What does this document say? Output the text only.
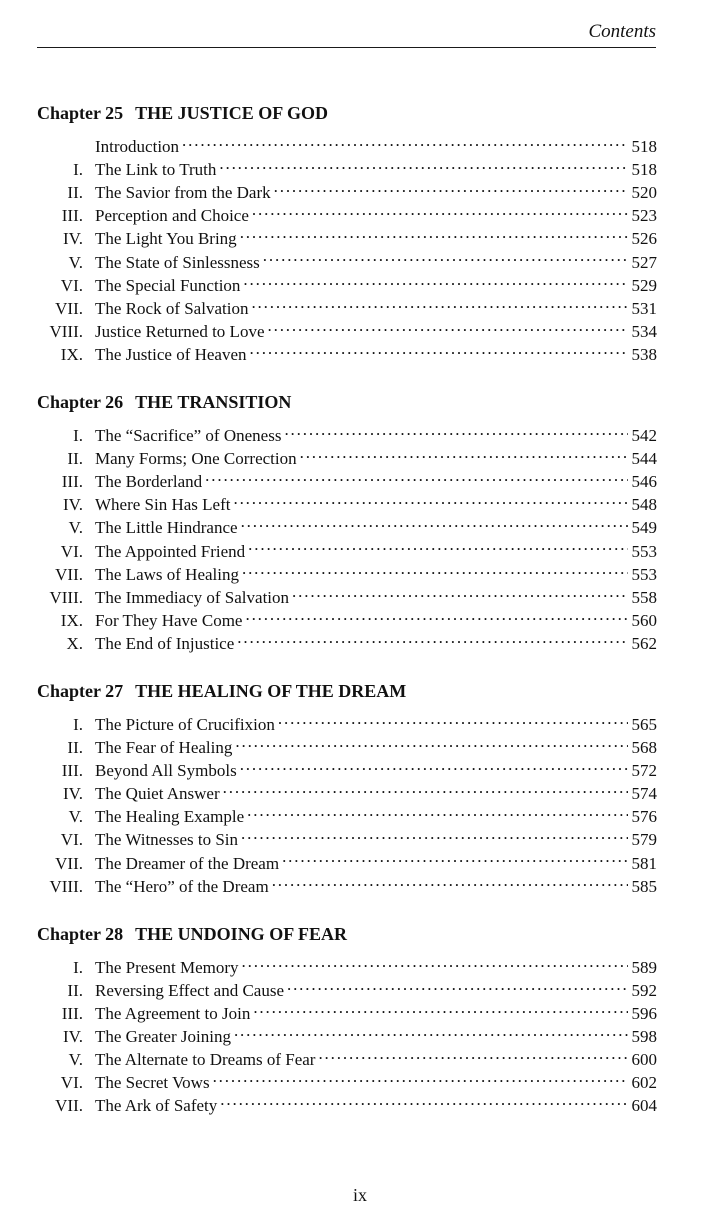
Contents
Chapter 25 THE JUSTICE OF GOD
Introduction . . .	518
I. The Link to Truth . . .	518
II. The Savior from the Dark . . .	520
III. Perception and Choice . . .	523
IV. The Light You Bring . . .	526
V. The State of Sinlessness . . .	527
VI. The Special Function . . .	529
VII. The Rock of Salvation . . .	531
VIII. Justice Returned to Love . . .	534
IX. The Justice of Heaven . . .	538
Chapter 26 THE TRANSITION
I. The “Sacrifice” of Oneness . . .	542
II. Many Forms; One Correction . . .	544
III. The Borderland . . .	546
IV. Where Sin Has Left . . .	548
V. The Little Hindrance . . .	549
VI. The Appointed Friend . . .	553
VII. The Laws of Healing . . .	553
VIII. The Immediacy of Salvation . . .	558
IX. For They Have Come . . .	560
X. The End of Injustice . . .	562
Chapter 27 THE HEALING OF THE DREAM
I. The Picture of Crucifixion . . .	565
II. The Fear of Healing . . .	568
III. Beyond All Symbols . . .	572
IV. The Quiet Answer . . .	574
V. The Healing Example . . .	576
VI. The Witnesses to Sin . . .	579
VII. The Dreamer of the Dream . . .	581
VIII. The “Hero” of the Dream . . .	585
Chapter 28 THE UNDOING OF FEAR
I. The Present Memory . . .	589
II. Reversing Effect and Cause . . .	592
III. The Agreement to Join . . .	596
IV. The Greater Joining . . .	598
V. The Alternate to Dreams of Fear . . .	600
VI. The Secret Vows . . .	602
VII. The Ark of Safety . . .	604
ix
